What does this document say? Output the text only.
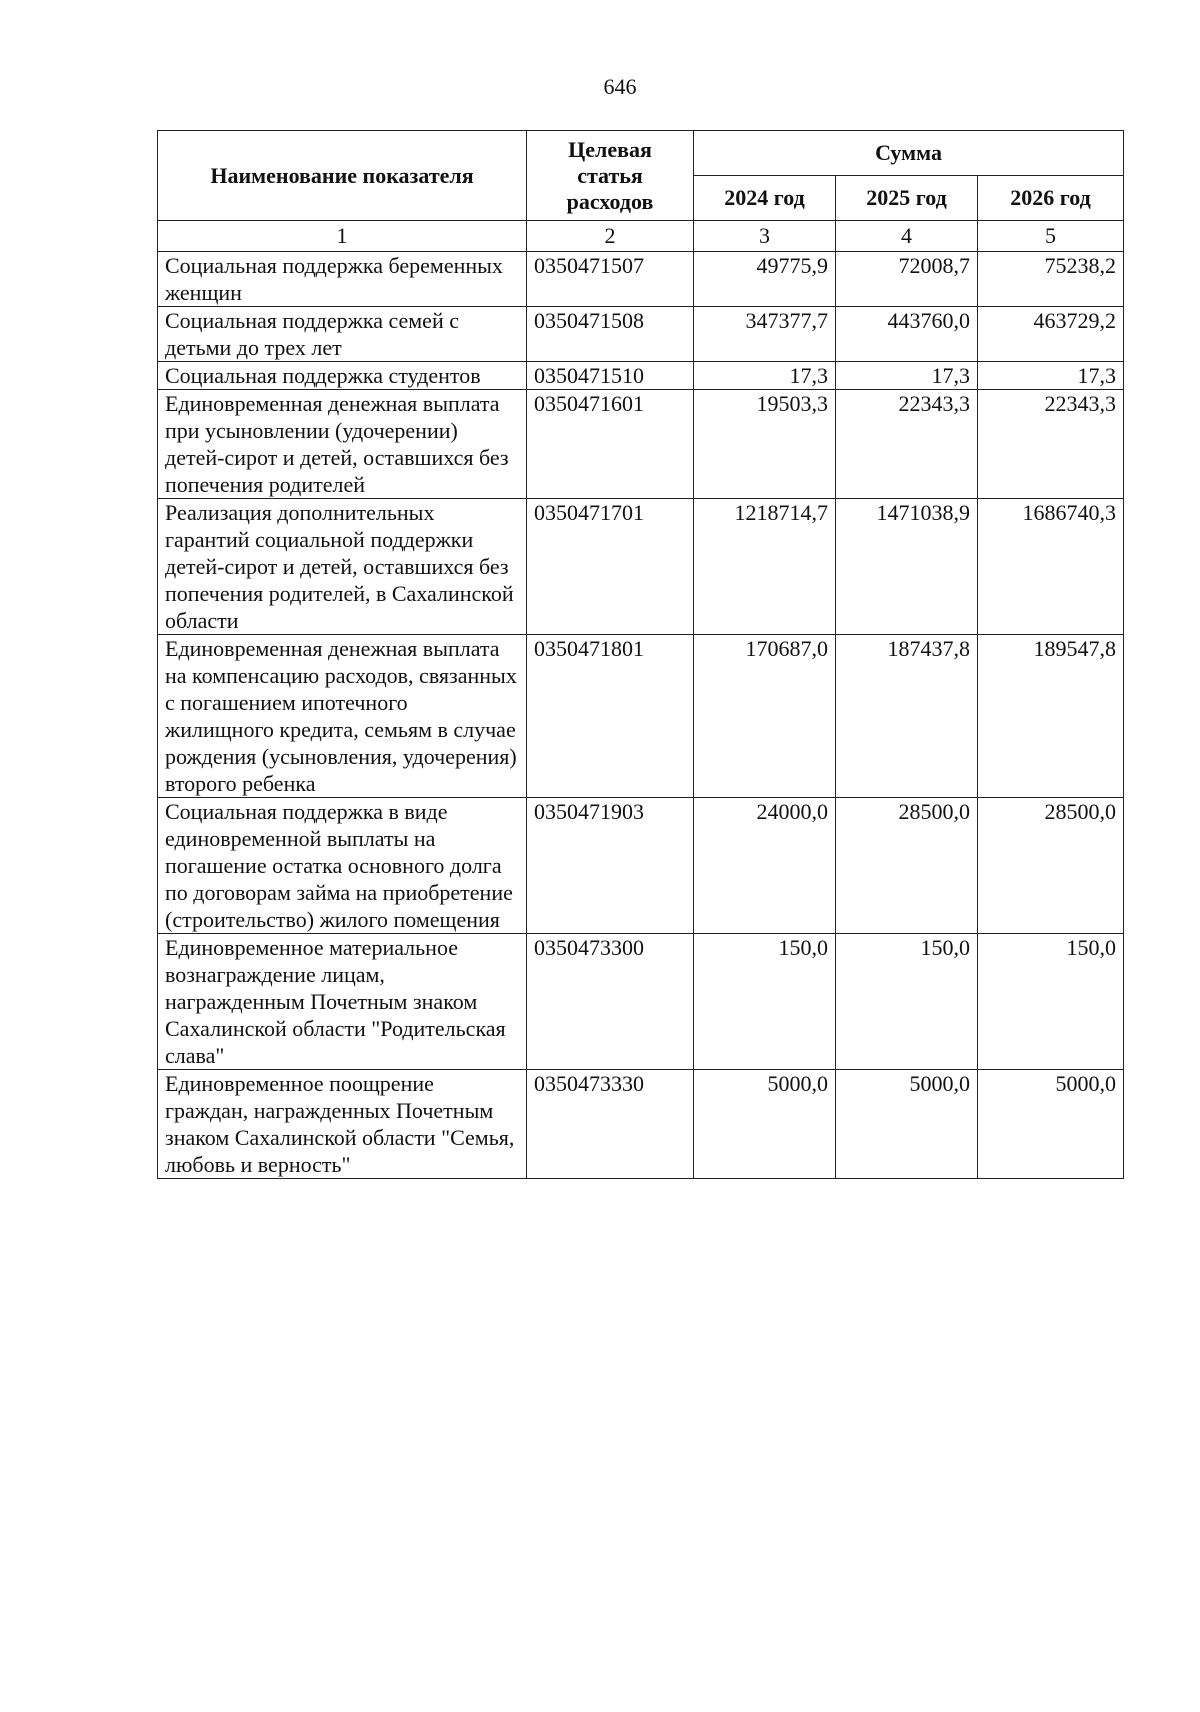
646
Наименование показателя	Целевая статья расходов	Сумма		
		2024 год	2025 год	2026 год
1	2	3	4	5
Социальная поддержка беременных женщин	0350471507	49775,9	72008,7	75238,2
Социальная поддержка семей с детьми до трех лет	0350471508	347377,7	443760,0	463729,2
Социальная поддержка студентов	0350471510	17,3	17,3	17,3
Единовременная денежная выплата при усыновлении (удочерении) детей-сирот и детей, оставшихся без попечения родителей	0350471601	19503,3	22343,3	22343,3
Реализация дополнительных гарантий социальной поддержки детей-сирот и детей, оставшихся без попечения родителей, в Сахалинской области	0350471701	1218714,7	1471038,9	1686740,3
Единовременная денежная выплата на компенсацию расходов, связанных с погашением ипотечного жилищного кредита, семьям в случае рождения (усыновления, удочерения) второго ребенка	0350471801	170687,0	187437,8	189547,8
Социальная поддержка в виде единовременной выплаты на погашение остатка основного долга по договорам займа на приобретение (строительство) жилого помещения	0350471903	24000,0	28500,0	28500,0
Единовременное материальное вознаграждение лицам, награжденным Почетным знаком Сахалинской области "Родительская слава"	0350473300	150,0	150,0	150,0
Единовременное поощрение граждан, награжденных Почетным знаком Сахалинской области "Семья, любовь и верность"	0350473330	5000,0	5000,0	5000,0
